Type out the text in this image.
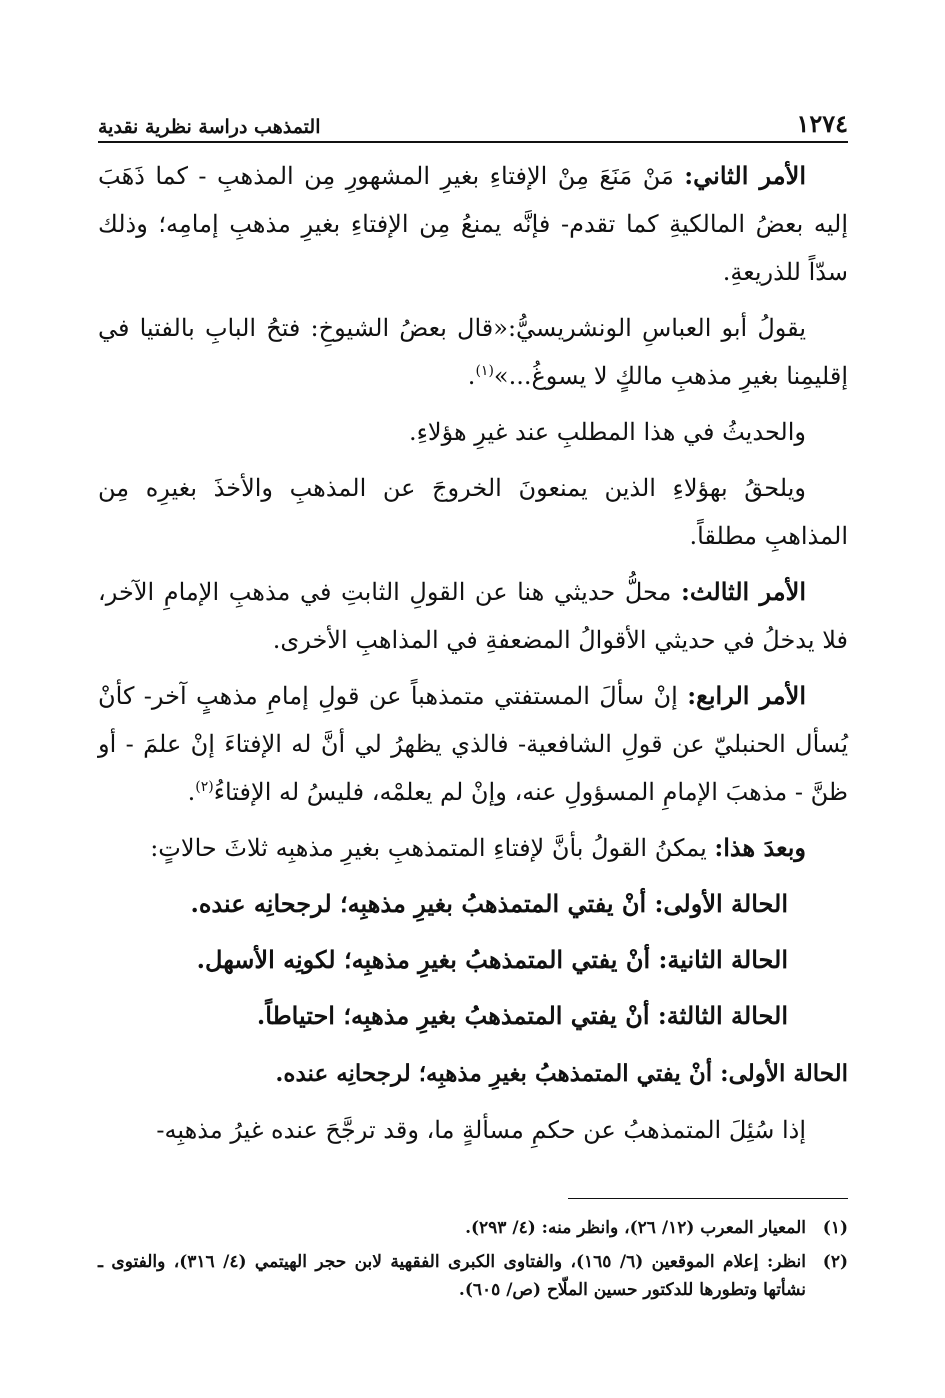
١٢٧٤
التمذهب دراسة نظرية نقدية

الأمر الثاني: مَنْ مَنَعَ مِنْ الإفتاءِ بغيرِ المشهورِ مِن المذهبِ - كما ذَهَبَ إليه بعضُ المالكيةِ كما تقدم- فإنَّه يمنعُ مِن الإفتاءِ بغيرِ مذهبِ إمامِه؛ وذلك سدّاً للذريعةِ.

يقولُ أبو العباسِ الونشريسيُّ:«قال بعضُ الشيوخِ: فتحُ البابِ بالفتيا في إقليمِنا بغيرِ مذهبِ مالكٍ لا يسوغُ...»$^{(١)}$.

والحديثُ في هذا المطلبِ عند غيرِ هؤلاءِ.

ويلحقُ بهؤلاءِ الذين يمنعونَ الخروجَ عن المذهبِ والأخذَ بغيرِه مِن المذاهبِ مطلقاً.

الأمر الثالث: محلُّ حديثي هنا عن القولِ الثابتِ في مذهبِ الإمامِ الآخر، فلا يدخلُ في حديثي الأقوالُ المضعفةِ في المذاهبِ الأخرى.

الأمر الرابع: إنْ سألَ المستفتي متمذهباً عن قولِ إمامِ مذهبٍ آخر- كأنْ يُسأل الحنبليّ عن قولِ الشافعية- فالذي يظهرُ لي أنَّ له الإفتاءَ إنْ علمَ - أو ظنَّ - مذهبَ الإمامِ المسؤولِ عنه، وإنْ لم يعلمْه، فليسُ له الإفتاءُ$^{(٢)}$.

وبعدَ هذا: يمكنُ القولُ بأنَّ لإفتاءِ المتمذهبِ بغيرِ مذهبِه ثلاثَ حالاتٍ:

الحالة الأولى: أنْ يفتي المتمذهبُ بغيرِ مذهبِه؛ لرجحانِه عنده.

الحالة الثانية: أنْ يفتي المتمذهبُ بغيرِ مذهبِه؛ لكونِه الأسهل.

الحالة الثالثة: أنْ يفتي المتمذهبُ بغيرِ مذهبِه؛ احتياطاً.

الحالة الأولى: أنْ يفتي المتمذهبُ بغيرِ مذهبِه؛ لرجحانِه عنده.

إذا سُئِلَ المتمذهبُ عن حكمِ مسألةٍ ما، وقد ترجَّحَ عنده غيرُ مذهبِه-

(١)
المعيار المعرب (١٢/ ٢٦)، وانظر منه: (٤/ ٢٩٣).
(٢)
انظر: إعلام الموقعين (٦/ ١٦٥)، والفتاوى الكبرى الفقهية لابن حجر الهيتمي (٤/ ٣١٦)، والفتوى ـ نشأتها وتطورها للدكتور حسين الملّاح (ص/ ٦٠٥).
